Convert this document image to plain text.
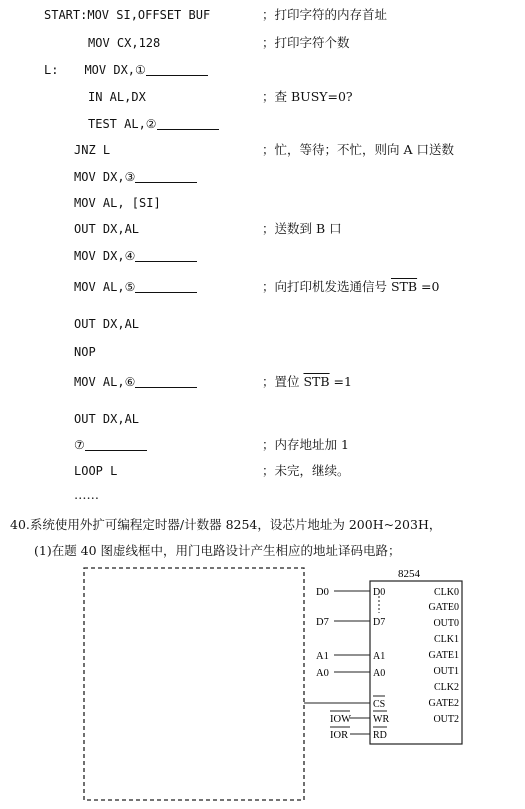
START:MOV SI,OFFSET BUF	；打印字符的内存首址
MOV CX,128	；打印字符个数
L: MOV DX,①
IN AL,DX	；查 BUSY=0?
TEST AL,②
JNZ L	；忙，等待；不忙，则向 A 口送数
MOV DX,③
MOV AL, [SI]
OUT DX,AL	；送数到 B 口
MOV DX,④
MOV AL,⑤	；向打印机发选通信号 $\overline{STB} =0$
OUT DX,AL
NOP
MOV AL,⑥	；置位 $\overline{STB} =1$
OUT DX,AL
⑦	；内存地址加 1
LOOP L	；未完，继续。
……
40.系统使用外扩可编程定时器/计数器 8254，设芯片地址为 200H~203H，
(1)在题 40 图虚线框中，用门电路设计产生相应的地址译码电路；
8254
D0
D7
A1
A0
IOW
IOR
D0
D7
A1
A0
CS
WR
RD
CLK0
GATE0
OUT0
CLK1
GATE1
OUT1
CLK2
GATE2
OUT2
